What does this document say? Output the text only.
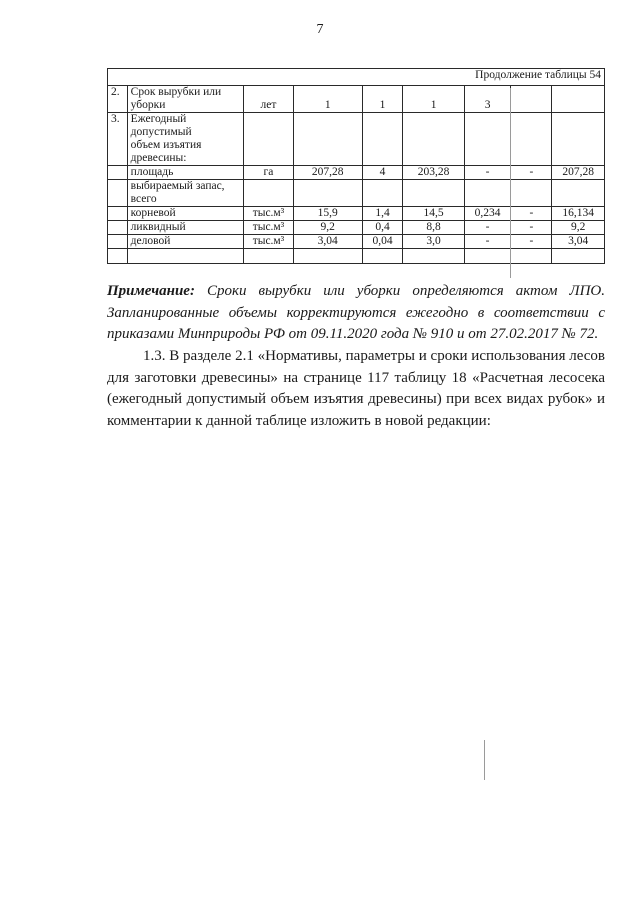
7
Продолжение таблицы 54								
2.	Срок вырубки или
уборки	лет	1	1	1	3		
3.	Ежегодный допустимый
объем изъятия
древесины:							

	площадь	га	207,28	4	203,28	-	-	207,28

	выбираемый запас,
всего							

	корневой	тыс.м³	15,9	1,4	14,5	0,234	-	16,134

	ликвидный	тыс.м³	9,2	0,4	8,8	-	-	9,2

	деловой	тыс.м³	3,04	0,04	3,0	-	-	3,04

Примечание: Сроки вырубки или уборки определяются актом ЛПО. Запланированные объемы корректируются ежегодно в соответствии с приказами Минприроды РФ от 09.11.2020 года № 910 и от 27.02.2017 № 72.
1.3. В разделе 2.1 «Нормативы, параметры и сроки использования лесов для заготовки древесины» на странице 117 таблицу 18 «Расчетная лесосека (ежегодный допустимый объем изъятия древесины) при всех видах рубок» и комментарии к данной таблице изложить в новой редакции:
